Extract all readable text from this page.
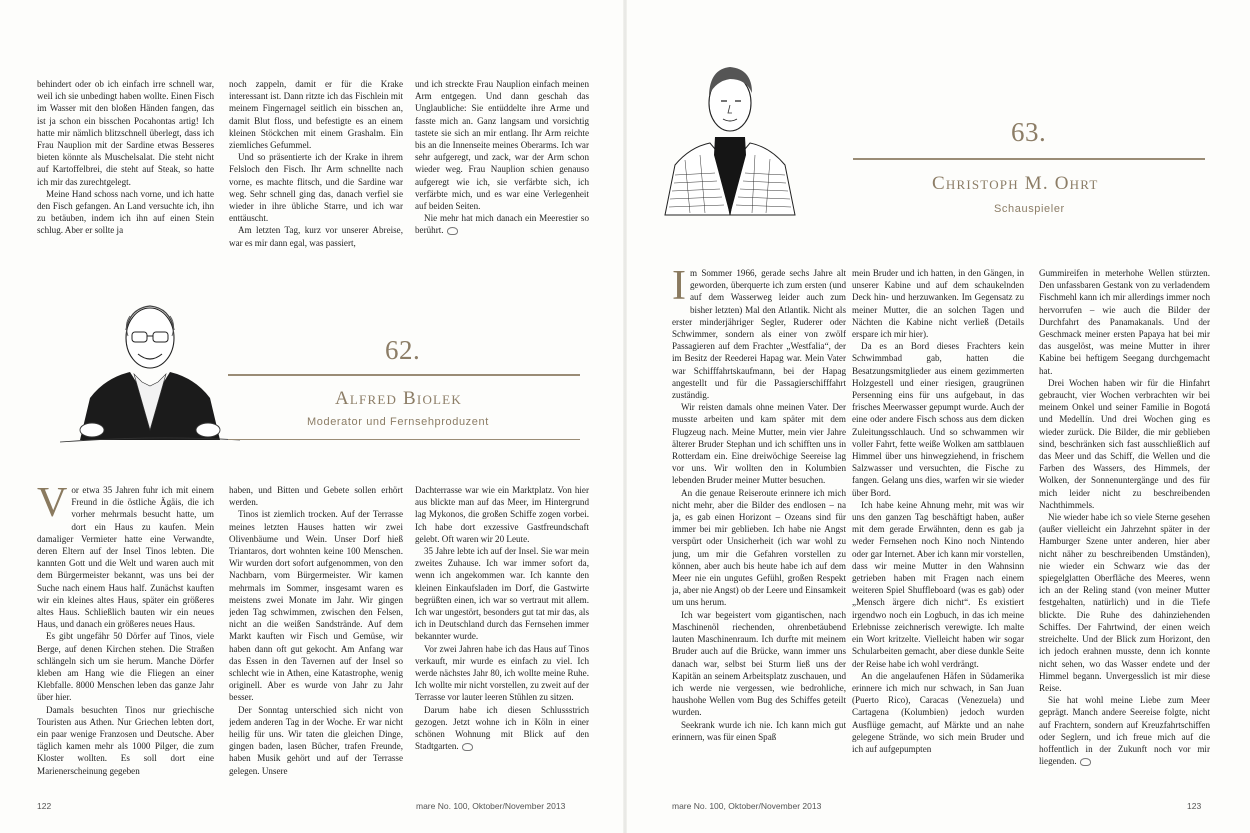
behindert oder ob ich einfach irre schnell war, weil ich sie unbedingt haben wollte. Einen Fisch im Wasser mit den bloßen Händen fangen, das ist ja schon ein bisschen Pocahontas artig! Ich hatte mir nämlich blitzschnell überlegt, dass ich Frau Nauplion mit der Sardine etwas Besseres bieten könnte als Muschelsalat. Die steht nicht auf Kartoffelbrei, die steht auf Steak, so hatte ich mir das zurechtgelegt.

Meine Hand schoss nach vorne, und ich hatte den Fisch gefangen. An Land versuchte ich, ihn zu betäuben, indem ich ihn auf einen Stein schlug. Aber er sollte ja

noch zappeln, damit er für die Krake interessant ist. Dann ritzte ich das Fischlein mit meinem Fingernagel seitlich ein bisschen an, damit Blut floss, und befestigte es an einem kleinen Stöckchen mit einem Grashalm. Ein ziemliches Gefummel.

Und so präsentierte ich der Krake in ihrem Felsloch den Fisch. Ihr Arm schnellte nach vorne, es machte flitsch, und die Sardine war weg. Sehr schnell ging das, danach verfiel sie wieder in ihre übliche Starre, und ich war enttäuscht.

Am letzten Tag, kurz vor unserer Abreise, war es mir dann egal, was passiert,

und ich streckte Frau Nauplion einfach meinen Arm entgegen. Und dann geschah das Unglaubliche: Sie entüddelte ihre Arme und fasste mich an. Ganz langsam und vorsichtig tastete sie sich an mir entlang. Ihr Arm reichte bis an die Innenseite meines Oberarms. Ich war sehr aufgeregt, und zack, war der Arm schon wieder weg. Frau Nauplion schien genauso aufgeregt wie ich, sie verfärbte sich, ich verfärbte mich, und es war eine Verlegenheit auf beiden Seiten.

Nie mehr hat mich danach ein Meerestier so berührt.

62.
Alfred Biolek
Moderator und Fernsehproduzent

Vor etwa 35 Jahren fuhr ich mit einem Freund in die östliche Ägäis, die ich vorher mehrmals besucht hatte, um dort ein Haus zu kaufen. Mein damaliger Vermieter hatte eine Verwandte, deren Eltern auf der Insel Tinos lebten. Die kannten Gott und die Welt und waren auch mit dem Bürgermeister bekannt, was uns bei der Suche nach einem Haus half. Zunächst kauften wir ein kleines altes Haus, später ein größeres altes Haus. Schließlich bauten wir ein neues Haus, und danach ein größeres neues Haus.

Es gibt ungefähr 50 Dörfer auf Tinos, viele Berge, auf denen Kirchen stehen. Die Straßen schlängeln sich um sie herum. Manche Dörfer kleben am Hang wie die Fliegen an einer Klebfalle. 8000 Menschen leben das ganze Jahr über hier.

Damals besuchten Tinos nur griechische Touristen aus Athen. Nur Griechen lebten dort, ein paar wenige Franzosen und Deutsche. Aber täglich kamen mehr als 1000 Pilger, die zum Kloster wollten. Es soll dort eine Marienerscheinung gegeben

haben, und Bitten und Gebete sollen erhört werden.

Tinos ist ziemlich trocken. Auf der Terrasse meines letzten Hauses hatten wir zwei Olivenbäume und Wein. Unser Dorf hieß Triantaros, dort wohnten keine 100 Menschen. Wir wurden dort sofort aufgenommen, von den Nachbarn, vom Bürgermeister. Wir kamen mehrmals im Sommer, insgesamt waren es meistens zwei Monate im Jahr. Wir gingen jeden Tag schwimmen, zwischen den Felsen, nicht an die weißen Sandstrände. Auf dem Markt kauften wir Fisch und Gemüse, wir haben dann oft gut gekocht. Am Anfang war das Essen in den Tavernen auf der Insel so schlecht wie in Athen, eine Katastrophe, wenig originell. Aber es wurde von Jahr zu Jahr besser.

Der Sonntag unterschied sich nicht von jedem anderen Tag in der Woche. Er war nicht heilig für uns. Wir taten die gleichen Dinge, gingen baden, lasen Bücher, trafen Freunde, haben Musik gehört und auf der Terrasse gelegen. Unsere

Dachterrasse war wie ein Marktplatz. Von hier aus blickte man auf das Meer, im Hintergrund lag Mykonos, die großen Schiffe zogen vorbei. Ich habe dort exzessive Gastfreundschaft gelebt. Oft waren wir 20 Leute.

35 Jahre lebte ich auf der Insel. Sie war mein zweites Zuhause. Ich war immer sofort da, wenn ich angekommen war. Ich kannte den kleinen Einkaufsladen im Dorf, die Gastwirte begrüßten einen, ich war so vertraut mit allem. Ich war ungestört, besonders gut tat mir das, als ich in Deutschland durch das Fernsehen immer bekannter wurde.

Vor zwei Jahren habe ich das Haus auf Tinos verkauft, mir wurde es einfach zu viel. Ich werde nächstes Jahr 80, ich wollte meine Ruhe. Ich wollte mir nicht vorstellen, zu zweit auf der Terrasse vor lauter leeren Stühlen zu sitzen.

Darum habe ich diesen Schlussstrich gezogen. Jetzt wohne ich in Köln in einer schönen Wohnung mit Blick auf den Stadtgarten.

122	mare No. 100, Oktober/November 2013
63.
Christoph M. Ohrt
Schauspieler

Im Sommer 1966, gerade sechs Jahre alt geworden, überquerte ich zum ersten (und auf dem Wasserweg leider auch zum bisher letzten) Mal den Atlantik. Nicht als erster minderjähriger Segler, Ruderer oder Schwimmer, sondern als einer von zwölf Passagieren auf dem Frachter „Westfalia“, der im Besitz der Reederei Hapag war. Mein Vater war Schifffahrtskaufmann, bei der Hapag angestellt und für die Passagierschifffahrt zuständig.

Wir reisten damals ohne meinen Vater. Der musste arbeiten und kam später mit dem Flugzeug nach. Meine Mutter, mein vier Jahre älterer Bruder Stephan und ich schifften uns in Rotterdam ein. Eine dreiwöchige Seereise lag vor uns. Wir wollten den in Kolumbien lebenden Bruder meiner Mutter besuchen.

An die genaue Reiseroute erinnere ich mich nicht mehr, aber die Bilder des endlosen – na ja, es gab einen Horizont – Ozeans sind für immer bei mir geblieben. Ich habe nie Angst verspürt oder Unsicherheit (ich war wohl zu jung, um mir die Gefahren vorstellen zu können, aber auch bis heute habe ich auf dem Meer nie ein ungutes Gefühl, großen Respekt ja, aber nie Angst) ob der Leere und Einsamkeit um uns herum.

Ich war begeistert vom gigantischen, nach Maschinenöl riechenden, ohrenbetäubend lauten Maschinenraum. Ich durfte mit meinem Bruder auch auf die Brücke, wann immer uns danach war, selbst bei Sturm ließ uns der Kapitän an seinem Arbeitsplatz zuschauen, und ich werde nie vergessen, wie bedrohliche, haushohe Wellen vom Bug des Schiffes geteilt wurden.

Seekrank wurde ich nie. Ich kann mich gut erinnern, was für einen Spaß

mein Bruder und ich hatten, in den Gängen, in unserer Kabine und auf dem schaukelnden Deck hin- und herzuwanken. Im Gegensatz zu meiner Mutter, die an solchen Tagen und Nächten die Kabine nicht verließ (Details erspare ich mir hier).

Da es an Bord dieses Frachters kein Schwimmbad gab, hatten die Besatzungsmitglieder aus einem gezimmerten Holzgestell und einer riesigen, graugrünen Persenning eins für uns aufgebaut, in das frisches Meerwasser gepumpt wurde. Auch der eine oder andere Fisch schoss aus dem dicken Zuleitungsschlauch. Und so schwammen wir voller Fahrt, fette weiße Wolken am sattblauen Himmel über uns hinwegziehend, in frischem Salzwasser und versuchten, die Fische zu fangen. Gelang uns dies, warfen wir sie wieder über Bord.

Ich habe keine Ahnung mehr, mit was wir uns den ganzen Tag beschäftigt haben, außer mit dem gerade Erwähnten, denn es gab ja weder Fernsehen noch Kino noch Nintendo oder gar Internet. Aber ich kann mir vorstellen, dass wir meine Mutter in den Wahnsinn getrieben haben mit Fragen nach einem weiteren Spiel Shuffleboard (was es gab) oder „Mensch ärgere dich nicht“. Es existiert irgendwo noch ein Logbuch, in das ich meine Erlebnisse zeichnerisch verewigte. Ich malte ein Wort kritzelte. Vielleicht haben wir sogar Schularbeiten gemacht, aber diese dunkle Seite der Reise habe ich wohl verdrängt.

An die angelaufenen Häfen in Südamerika erinnere ich mich nur schwach, in San Juan (Puerto Rico), Caracas (Venezuela) und Cartagena (Kolumbien) jedoch wurden Ausflüge gemacht, auf Märkte und an nahe gelegene Strände, wo sich mein Bruder und ich auf aufgepumpten

Gummireifen in meterhohe Wellen stürzten. Den unfassbaren Gestank von zu verladendem Fischmehl kann ich mir allerdings immer noch hervorrufen – wie auch die Bilder der Durchfahrt des Panamakanals. Und der Geschmack meiner ersten Papaya hat bei mir das ausgelöst, was meine Mutter in ihrer Kabine bei heftigem Seegang durchgemacht hat.

Drei Wochen haben wir für die Hinfahrt gebraucht, vier Wochen verbrachten wir bei meinem Onkel und seiner Familie in Bogotá und Medellín. Und drei Wochen ging es wieder zurück. Die Bilder, die mir geblieben sind, beschränken sich fast ausschließlich auf das Meer und das Schiff, die Wellen und die Farben des Wassers, des Himmels, der Wolken, der Sonnenuntergänge und des für mich leider nicht zu beschreibenden Nachthimmels.

Nie wieder habe ich so viele Sterne gesehen (außer vielleicht ein Jahrzehnt später in der Hamburger Szene unter anderen, hier aber nicht näher zu beschreibenden Umständen), nie wieder ein Schwarz wie das der spiegelglatten Oberfläche des Meeres, wenn ich an der Reling stand (von meiner Mutter festgehalten, natürlich) und in die Tiefe blickte. Die Ruhe des dahinziehenden Schiffes. Der Fahrtwind, der einen weich streichelte. Und der Blick zum Horizont, den ich jedoch erahnen musste, denn ich konnte nicht sehen, wo das Wasser endete und der Himmel begann. Unvergesslich ist mir diese Reise.

Sie hat wohl meine Liebe zum Meer geprägt. Manch andere Seereise folgte, nicht auf Frachtern, sondern auf Kreuzfahrtschiffen oder Seglern, und ich freue mich auf die hoffentlich in der Zukunft noch vor mir liegenden.

mare No. 100, Oktober/November 2013	123
